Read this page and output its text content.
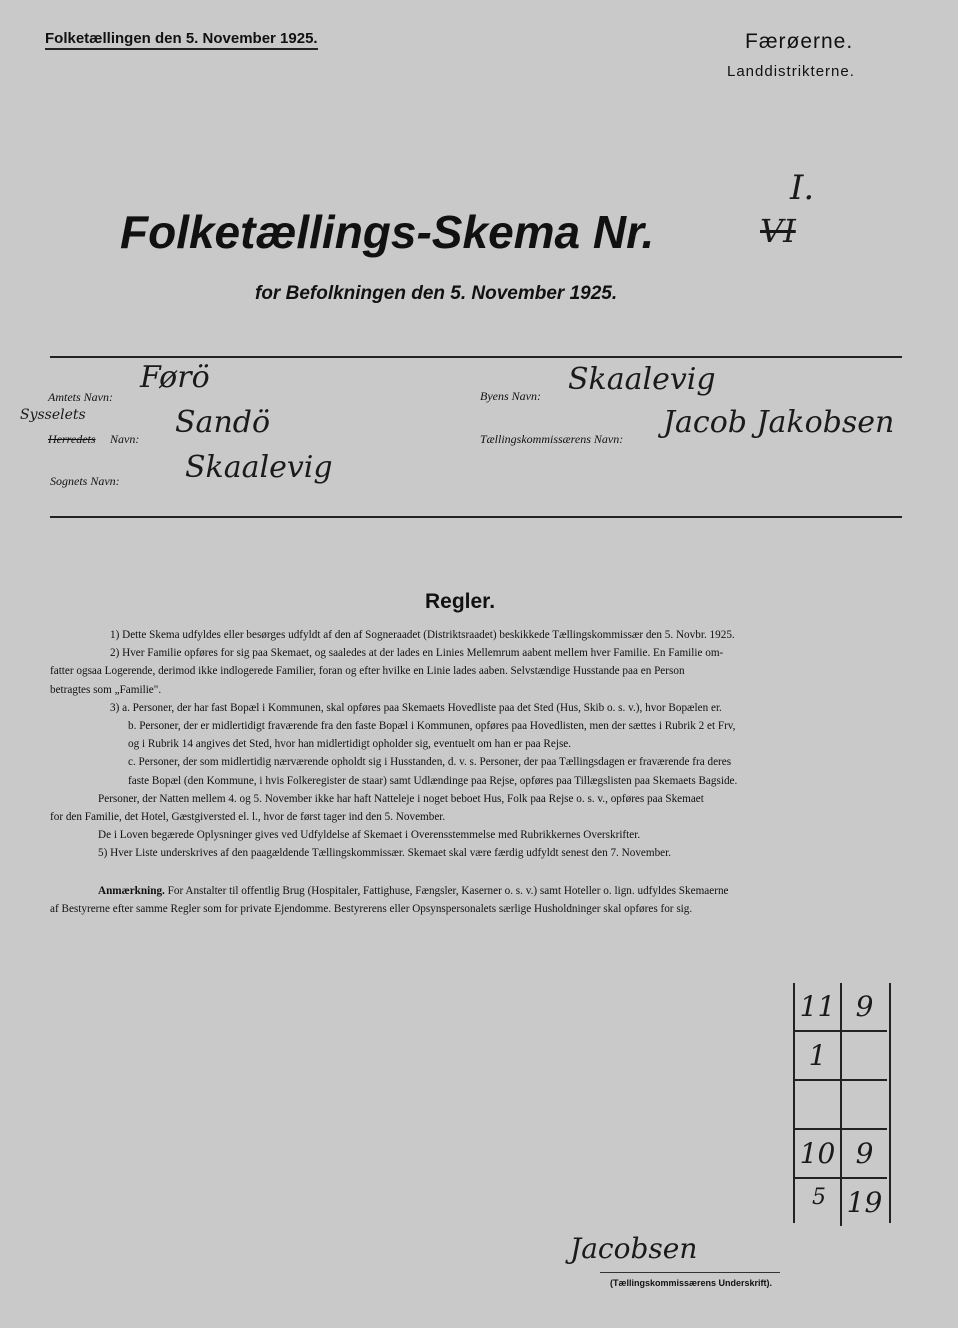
Folketællingen den 5. November 1925.	Færøerne.
Landdistrikterne.
Folketællings-Skema Nr.	VI
I.
for Befolkningen den 5. November 1925.
Amtets Navn:
Førö
Sysselets
Herredets Navn: Sandö
Sognets Navn: Skaalevig
Byens Navn: Skaalevig
Tællingskommissærens Navn: Jacob Jakobsen
Regler.

1) Dette Skema udfyldes eller besørges udfyldt af den af Sogneraadet (Distriktsraadet) beskikkede Tællingskommissær den 5. Novbr. 1925.

2) Hver Familie opføres for sig paa Skemaet, og saaledes at der lades en Linies Mellemrum aabent mellem hver Familie. En Familie om-

fatter ogsaa Logerende, derimod ikke indlogerede Familier, foran og efter hvilke en Linie lades aaben. Selvstændige Husstande paa en Person

betragtes som „Familie".

3) a. Personer, der har fast Bopæl i Kommunen, skal opføres paa Skemaets Hovedliste paa det Sted (Hus, Skib o. s. v.), hvor Bopælen er.

b. Personer, der er midlertidigt fraværende fra den faste Bopæl i Kommunen, opføres paa Hovedlisten, men der sættes i Rubrik 2 et Frv,

og i Rubrik 14 angives det Sted, hvor han midlertidigt opholder sig, eventuelt om han er paa Rejse.

c. Personer, der som midlertidig nærværende opholdt sig i Husstanden, d. v. s. Personer, der paa Tællingsdagen er fraværende fra deres

faste Bopæl (den Kommune, i hvis Folkeregister de staar) samt Udlændinge paa Rejse, opføres paa Tillægslisten paa Skemaets Bagside.

Personer, der Natten mellem 4. og 5. November ikke har haft Natteleje i noget beboet Hus, Folk paa Rejse o. s. v., opføres paa Skemaet

for den Familie, det Hotel, Gæstgiversted el. l., hvor de først tager ind den 5. November.

De i Loven begærede Oplysninger gives ved Udfyldelse af Skemaet i Overensstemmelse med Rubrikkernes Overskrifter.

5) Hver Liste underskrives af den paagældende Tællingskommissær. Skemaet skal være færdig udfyldt senest den 7. November.

Anmærkning. For Anstalter til offentlig Brug (Hospitaler, Fattighuse, Fængsler, Kaserner o. s. v.) samt Hoteller o. lign. udfyldes Skemaerne

af Bestyrerne efter samme Regler som for private Ejendomme. Bestyrerens eller Opsynspersonalets særlige Husholdninger skal opføres for sig.

11 9
1
10 9
19
5
Jacobsen
(Tællingskommissærens Underskrift).
